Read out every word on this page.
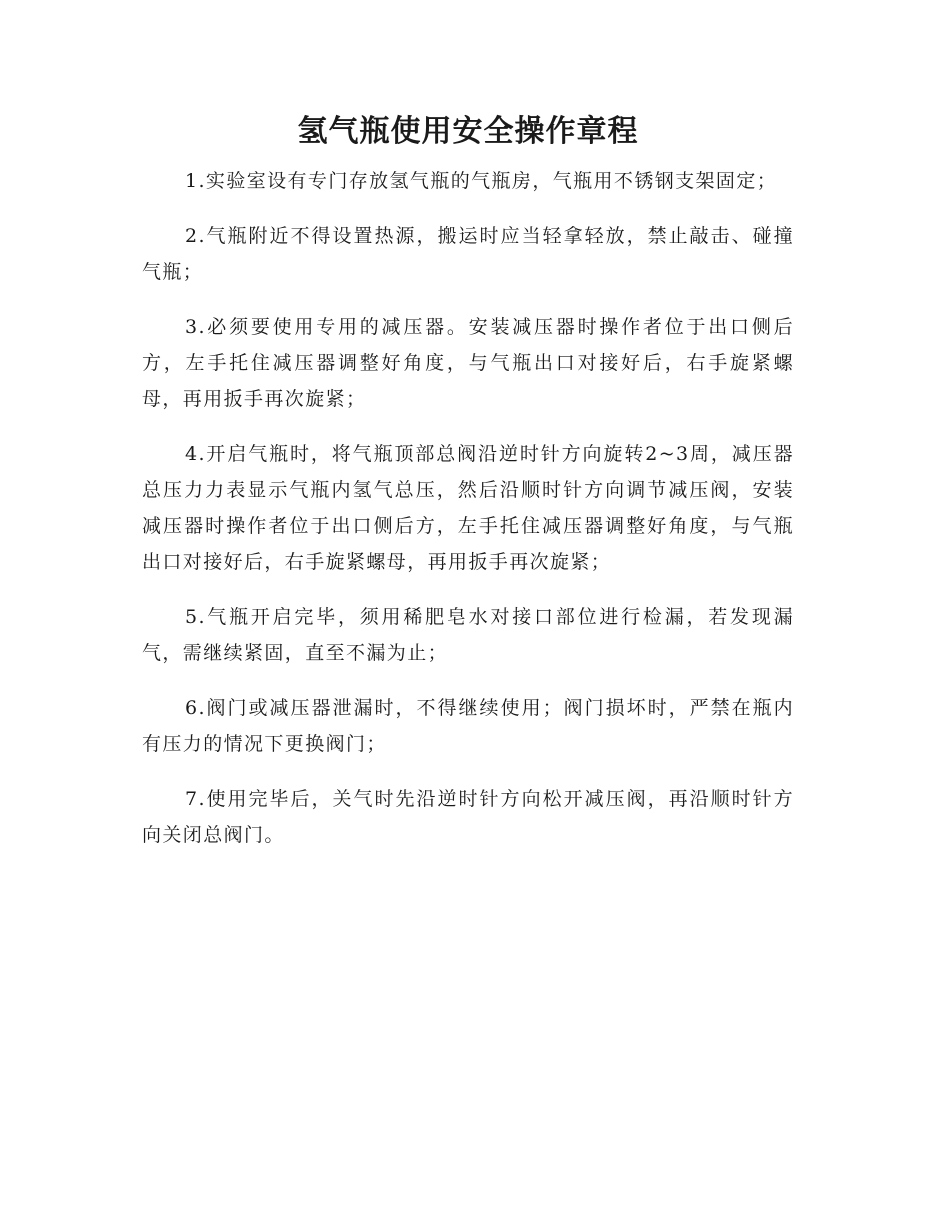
氢气瓶使用安全操作章程

1.实验室设有专门存放氢气瓶的气瓶房，气瓶用不锈钢支架固定；

2.气瓶附近不得设置热源，搬运时应当轻拿轻放，禁止敲击、碰撞气瓶；

3.必须要使用专用的减压器。安装减压器时操作者位于出口侧后方，左手托住减压器调整好角度，与气瓶出口对接好后，右手旋紧螺母，再用扳手再次旋紧；

4.开启气瓶时，将气瓶顶部总阀沿逆时针方向旋转2~3周，减压器总压力力表显示气瓶内氢气总压，然后沿顺时针方向调节减压阀，安装减压器时操作者位于出口侧后方，左手托住减压器调整好角度，与气瓶出口对接好后，右手旋紧螺母，再用扳手再次旋紧；

5.气瓶开启完毕，须用稀肥皂水对接口部位进行检漏，若发现漏气，需继续紧固，直至不漏为止；

6.阀门或减压器泄漏时，不得继续使用；阀门损坏时，严禁在瓶内有压力的情况下更换阀门；

7.使用完毕后，关气时先沿逆时针方向松开减压阀，再沿顺时针方向关闭总阀门。
